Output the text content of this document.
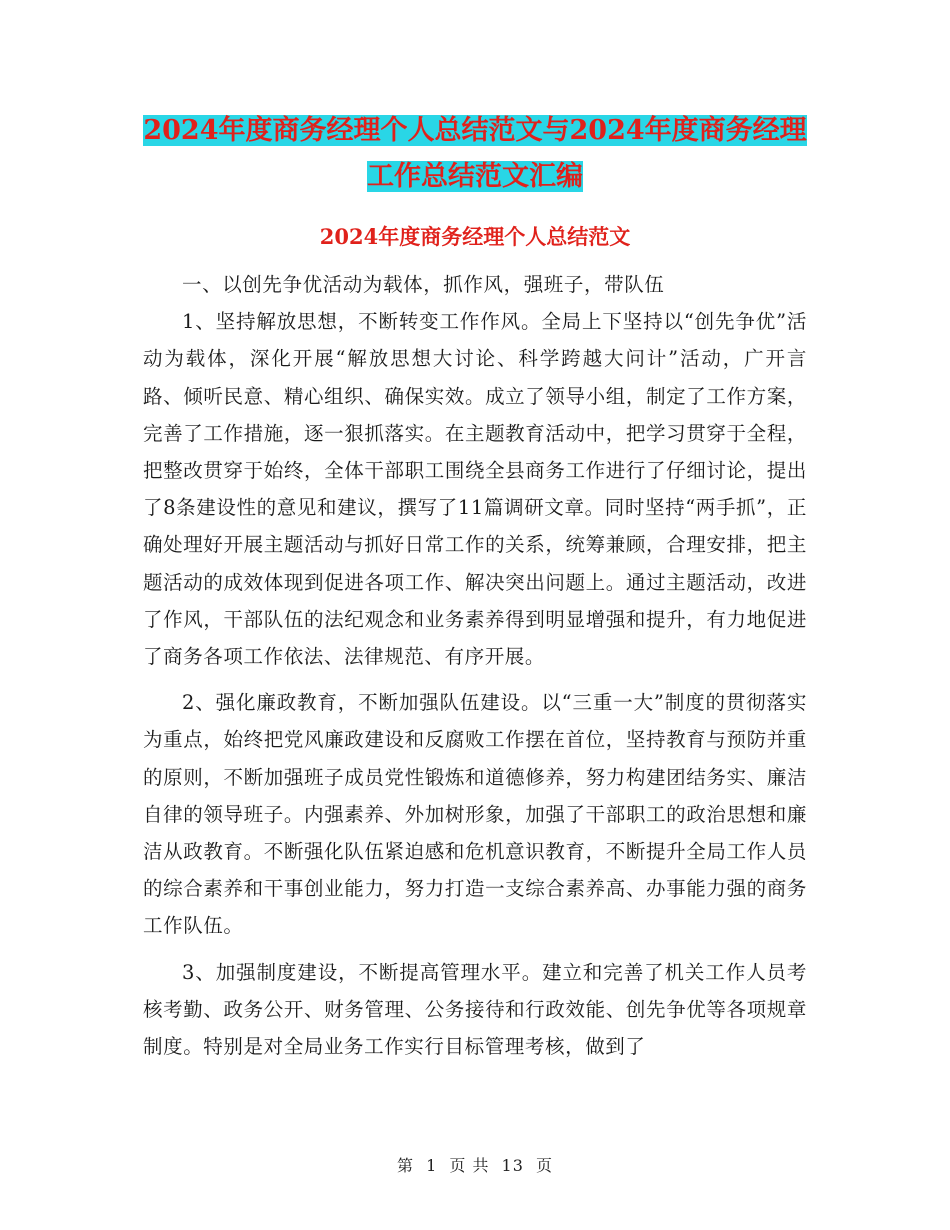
2024年度商务经理个人总结范文与2024年度商务经理
工作总结范文汇编
2024年度商务经理个人总结范文

一、以创先争优活动为载体，抓作风，强班子，带队伍

1、坚持解放思想，不断转变工作作风。全局上下坚持以“创先争优”活动为载体，深化开展“解放思想大讨论、科学跨越大问计”活动，广开言路、倾听民意、精心组织、确保实效。成立了领导小组，制定了工作方案，完善了工作措施，逐一狠抓落实。在主题教育活动中，把学习贯穿于全程，把整改贯穿于始终，全体干部职工围绕全县商务工作进行了仔细讨论，提出了8条建设性的意见和建议，撰写了11篇调研文章。同时坚持“两手抓”，正确处理好开展主题活动与抓好日常工作的关系，统筹兼顾，合理安排，把主题活动的成效体现到促进各项工作、解决突出问题上。通过主题活动，改进了作风，干部队伍的法纪观念和业务素养得到明显增强和提升，有力地促进了商务各项工作依法、法律规范、有序开展。

2、强化廉政教育，不断加强队伍建设。以“三重一大”制度的贯彻落实为重点，始终把党风廉政建设和反腐败工作摆在首位，坚持教育与预防并重的原则，不断加强班子成员党性锻炼和道德修养，努力构建团结务实、廉洁自律的领导班子。内强素养、外加树形象，加强了干部职工的政治思想和廉洁从政教育。不断强化队伍紧迫感和危机意识教育，不断提升全局工作人员的综合素养和干事创业能力，努力打造一支综合素养高、办事能力强的商务工作队伍。

3、加强制度建设，不断提高管理水平。建立和完善了机关工作人员考核考勤、政务公开、财务管理、公务接待和行政效能、创先争优等各项规章制度。特别是对全局业务工作实行目标管理考核，做到了

第 1 页 共 13 页
